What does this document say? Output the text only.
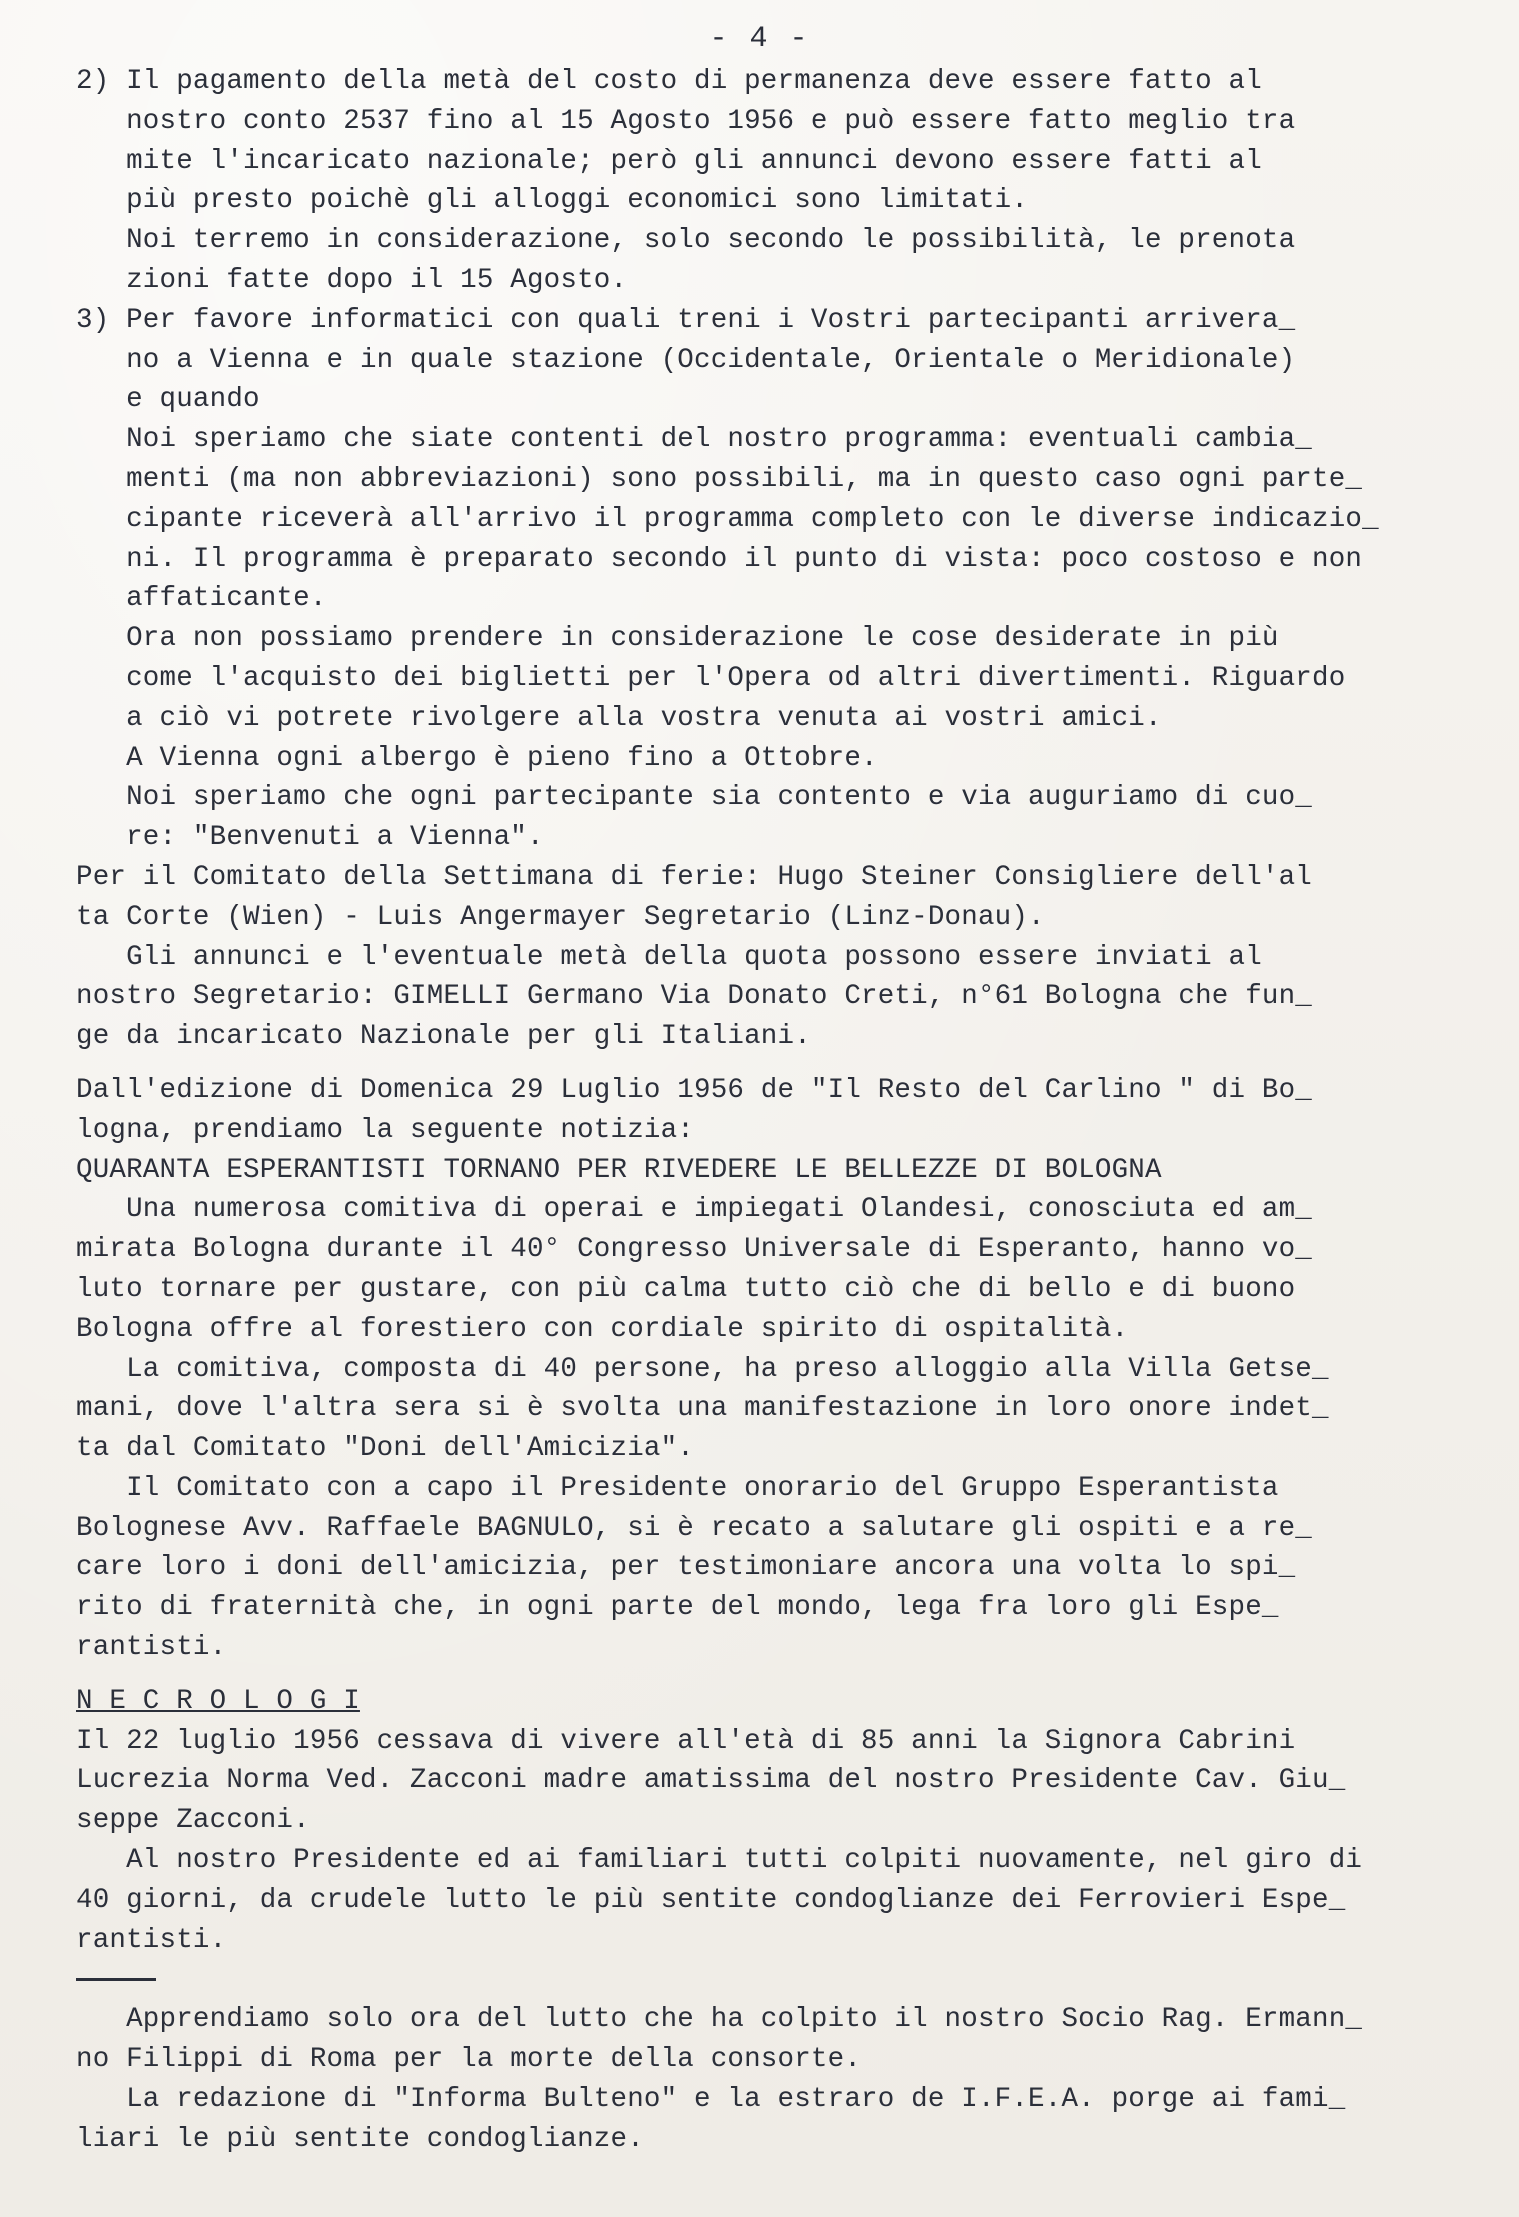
- 4 -
2) Il pagamento della metà del costo di permanenza deve essere fatto al
nostro conto 2537 fino al 15 Agosto 1956 e può essere fatto meglio tra
mite l'incaricato nazionale; però gli annunci devono essere fatti al
più presto poichè gli alloggi economici sono limitati.
Noi terremo in considerazione, solo secondo le possibilità, le prenota
zioni fatte dopo il 15 Agosto.
3) Per favore informatici con quali treni i Vostri partecipanti arrivera_
no a Vienna e in quale stazione (Occidentale, Orientale o Meridionale)
e quando
Noi speriamo che siate contenti del nostro programma: eventuali cambia_
menti (ma non abbreviazioni) sono possibili, ma in questo caso ogni parte_
cipante riceverà all'arrivo il programma completo con le diverse indicazio_
ni. Il programma è preparato secondo il punto di vista: poco costoso e non
affaticante.
Ora non possiamo prendere in considerazione le cose desiderate in più
come l'acquisto dei biglietti per l'Opera od altri divertimenti. Riguardo
a ciò vi potrete rivolgere alla vostra venuta ai vostri amici.
A Vienna ogni albergo è pieno fino a Ottobre.
Noi speriamo che ogni partecipante sia contento e via auguriamo di cuo_
re: "Benvenuti a Vienna".
Per il Comitato della Settimana di ferie: Hugo Steiner Consigliere dell'al
ta Corte (Wien) - Luis Angermayer Segretario (Linz-Donau).
Gli annunci e l'eventuale metà della quota possono essere inviati al
nostro Segretario: GIMELLI Germano Via Donato Creti, n°61 Bologna che fun_
ge da incaricato Nazionale per gli Italiani.
Dall'edizione di Domenica 29 Luglio 1956 de "Il Resto del Carlino " di Bo_
logna, prendiamo la seguente notizia:
QUARANTA ESPERANTISTI TORNANO PER RIVEDERE LE BELLEZZE DI BOLOGNA
Una numerosa comitiva di operai e impiegati Olandesi, conosciuta ed am_
mirata Bologna durante il 40° Congresso Universale di Esperanto, hanno vo_
luto tornare per gustare, con più calma tutto ciò che di bello e di buono
Bologna offre al forestiero con cordiale spirito di ospitalità.
La comitiva, composta di 40 persone, ha preso alloggio alla Villa Getse_
mani, dove l'altra sera si è svolta una manifestazione in loro onore indet_
ta dal Comitato "Doni dell'Amicizia".
Il Comitato con a capo il Presidente onorario del Gruppo Esperantista
Bolognese Avv. Raffaele BAGNULO, si è recato a salutare gli ospiti e a re_
care loro i doni dell'amicizia, per testimoniare ancora una volta lo spi_
rito di fraternità che, in ogni parte del mondo, lega fra loro gli Espe_
rantisti.
N E C R O L O G I
Il 22 luglio 1956 cessava di vivere all'età di 85 anni la Signora Cabrini
Lucrezia Norma Ved. Zacconi madre amatissima del nostro Presidente Cav. Giu_
seppe Zacconi.
Al nostro Presidente ed ai familiari tutti colpiti nuovamente, nel giro di
40 giorni, da crudele lutto le più sentite condoglianze dei Ferrovieri Espe_
rantisti.
Apprendiamo solo ora del lutto che ha colpito il nostro Socio Rag. Ermann_
no Filippi di Roma per la morte della consorte.
La redazione di "Informa Bulteno" e la estraro de I.F.E.A. porge ai fami_
liari le più sentite condoglianze.
